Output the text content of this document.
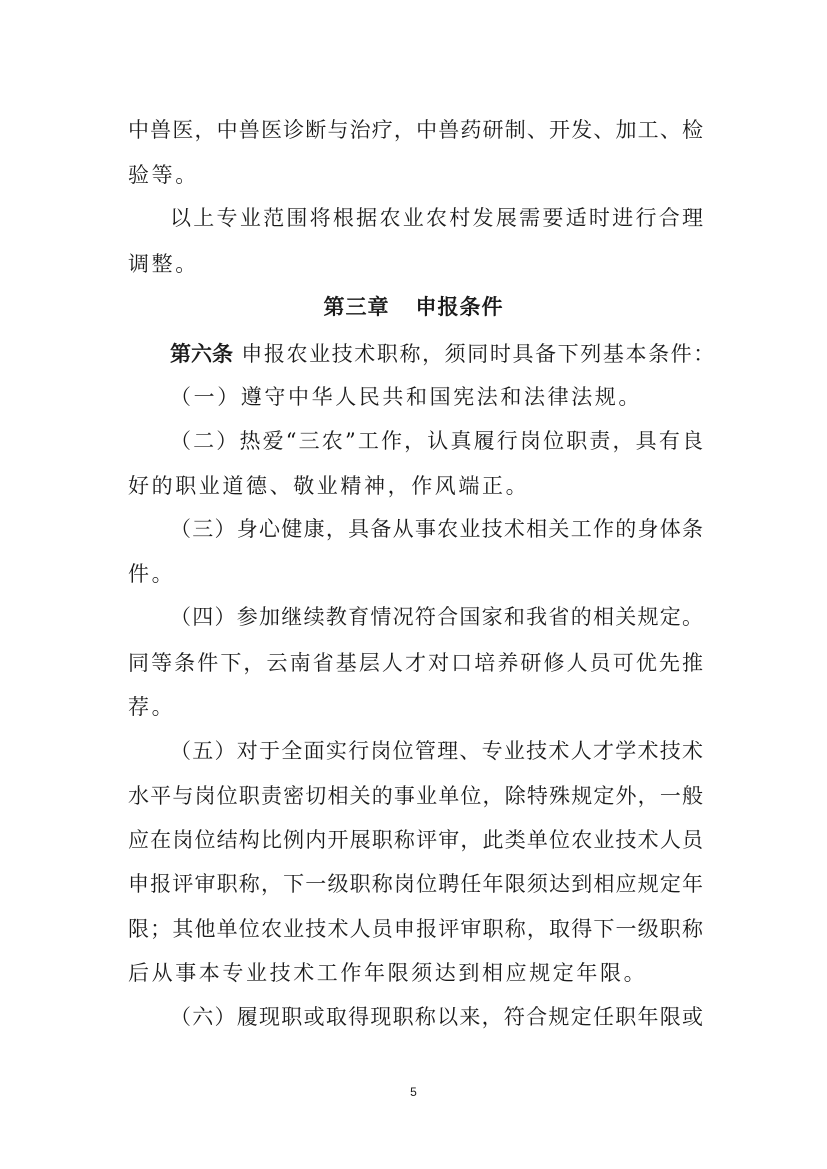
中兽医，中兽医诊断与治疗，中兽药研制、开发、加工、检
验等。
以上专业范围将根据农业农村发展需要适时进行合理
调整。
第三章 申报条件
第六条 申报农业技术职称，须同时具备下列基本条件：
（一）遵守中华人民共和国宪法和法律法规。
（二）热爱“三农”工作，认真履行岗位职责，具有良
好的职业道德、敬业精神，作风端正。
（三）身心健康，具备从事农业技术相关工作的身体条
件。
（四）参加继续教育情况符合国家和我省的相关规定。
同等条件下，云南省基层人才对口培养研修人员可优先推
荐。
（五）对于全面实行岗位管理、专业技术人才学术技术
水平与岗位职责密切相关的事业单位，除特殊规定外，一般
应在岗位结构比例内开展职称评审，此类单位农业技术人员
申报评审职称，下一级职称岗位聘任年限须达到相应规定年
限；其他单位农业技术人员申报评审职称，取得下一级职称
后从事本专业技术工作年限须达到相应规定年限。
（六）履现职或取得现职称以来，符合规定任职年限或
5
